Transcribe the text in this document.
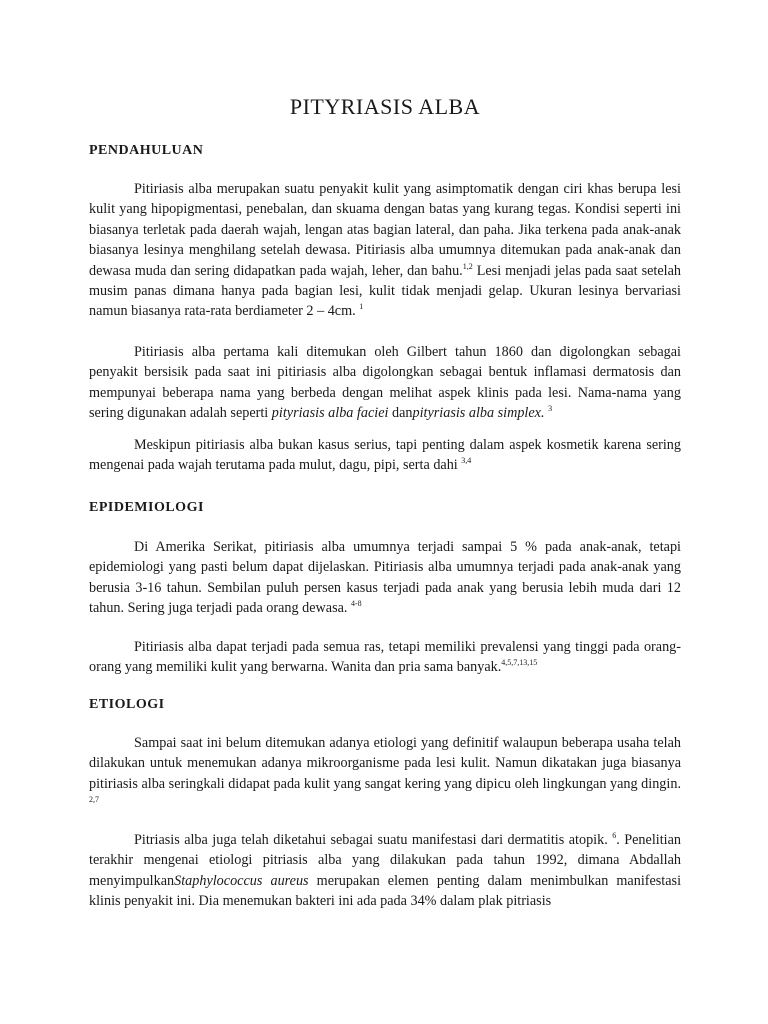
PITYRIASIS ALBA
PENDAHULUAN

Pitiriasis alba merupakan suatu penyakit kulit yang asimptomatik dengan ciri khas berupa lesi kulit yang hipopigmentasi, penebalan, dan skuama dengan batas yang kurang tegas. Kondisi seperti ini biasanya terletak pada daerah wajah, lengan atas bagian lateral, dan paha. Jika terkena pada anak-anak biasanya lesinya menghilang setelah dewasa. Pitiriasis alba umumnya ditemukan pada anak-anak dan dewasa muda dan sering didapatkan pada wajah, leher, dan bahu.$^{1,2}$ Lesi menjadi jelas pada saat setelah musim panas dimana hanya pada bagian lesi, kulit tidak menjadi gelap. Ukuran lesinya bervariasi namun biasanya rata-rata berdiameter 2 – 4cm. $^1$

Pitiriasis alba pertama kali ditemukan oleh Gilbert tahun 1860 dan digolongkan sebagai penyakit bersisik pada saat ini pitiriasis alba digolongkan sebagai bentuk inflamasi dermatosis dan mempunyai beberapa nama yang berbeda dengan melihat aspek klinis pada lesi. Nama-nama yang sering digunakan adalah seperti pityriasis alba faciei danpityriasis alba simplex. $^3$

Meskipun pitiriasis alba bukan kasus serius, tapi penting dalam aspek kosmetik karena sering mengenai pada wajah terutama pada mulut, dagu, pipi, serta dahi $^{3,4}$

EPIDEMIOLOGI

Di Amerika Serikat, pitiriasis alba umumnya terjadi sampai 5 % pada anak-anak, tetapi epidemiologi yang pasti belum dapat dijelaskan. Pitiriasis alba umumnya terjadi pada anak-anak yang berusia 3-16 tahun. Sembilan puluh persen kasus terjadi pada anak yang berusia lebih muda dari 12 tahun. Sering juga terjadi pada orang dewasa. $^{4-8}$

Pitiriasis alba dapat terjadi pada semua ras, tetapi memiliki prevalensi yang tinggi pada orang-orang yang memiliki kulit yang berwarna. Wanita dan pria sama banyak.$^{4,5,7,13,15}$

ETIOLOGI

Sampai saat ini belum ditemukan adanya etiologi yang definitif walaupun beberapa usaha telah dilakukan untuk menemukan adanya mikroorganisme pada lesi kulit. Namun dikatakan juga biasanya pitiriasis alba seringkali didapat pada kulit yang sangat kering yang dipicu oleh lingkungan yang dingin. $^{2,7}$

Pitriasis alba juga telah diketahui sebagai suatu manifestasi dari dermatitis atopik. $^6$. Penelitian terakhir mengenai etiologi pitriasis alba yang dilakukan pada tahun 1992, dimana Abdallah menyimpulkanStaphylococcus aureus merupakan elemen penting dalam menimbulkan manifestasi klinis penyakit ini. Dia menemukan bakteri ini ada pada 34% dalam plak pitriasis
